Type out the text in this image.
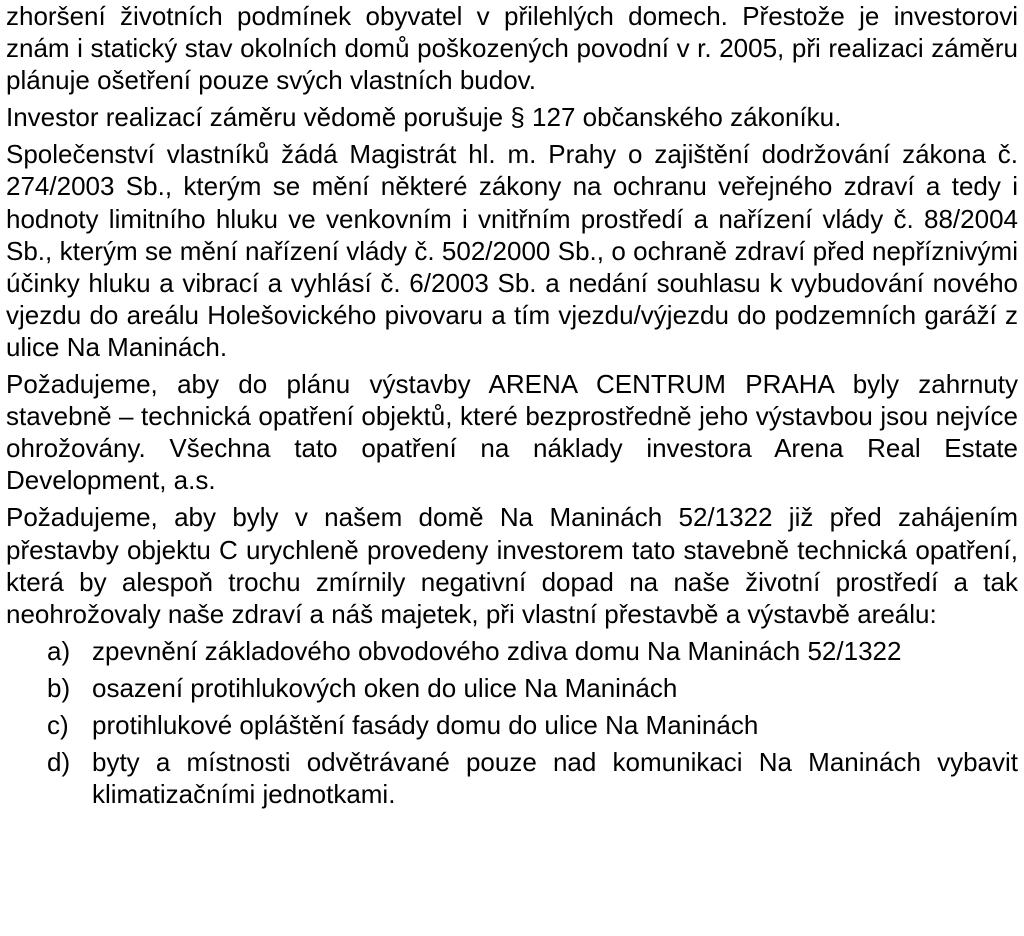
zhoršení životních podmínek obyvatel v přilehlých domech. Přestože je investorovi znám i statický stav okolních domů poškozených povodní v r. 2005, při realizaci záměru plánuje ošetření pouze svých vlastních budov.

Investor realizací záměru vědomě porušuje § 127 občanského zákoníku.

Společenství vlastníků žádá Magistrát hl. m. Prahy o zajištění dodržování zákona č. 274/2003 Sb., kterým se mění některé zákony na ochranu veřejného zdraví a tedy i hodnoty limitního hluku ve venkovním i vnitřním prostředí a nařízení vlády č. 88/2004 Sb., kterým se mění nařízení vlády č. 502/2000 Sb., o ochraně zdraví před nepříznivými účinky hluku a vibrací a vyhlásí č. 6/2003 Sb. a nedání souhlasu k vybudování nového vjezdu do areálu Holešovického pivovaru a tím vjezdu/výjezdu do podzemních garáží z ulice Na Maninách.

Požadujeme, aby do plánu výstavby ARENA CENTRUM PRAHA byly zahrnuty stavebně – technická opatření objektů, které bezprostředně jeho výstavbou jsou nejvíce ohrožovány. Všechna tato opatření na náklady investora Arena Real Estate Development, a.s.

Požadujeme, aby byly v našem domě Na Maninách 52/1322 již před zahájením přestavby objektu C urychleně provedeny investorem tato stavebně technická opatření, která by alespoň trochu zmírnily negativní dopad na naše životní prostředí a tak neohrožovaly naše zdraví a náš majetek, při vlastní přestavbě a výstavbě areálu:

a) zpevnění základového obvodového zdiva domu Na Maninách 52/1322
b) osazení protihlukových oken do ulice Na Maninách
c) protihlukové opláštění fasády domu do ulice Na Maninách
d) byty a místnosti odvětrávané pouze nad komunikaci Na Maninách vybavit klimatizačními jednotkami.
